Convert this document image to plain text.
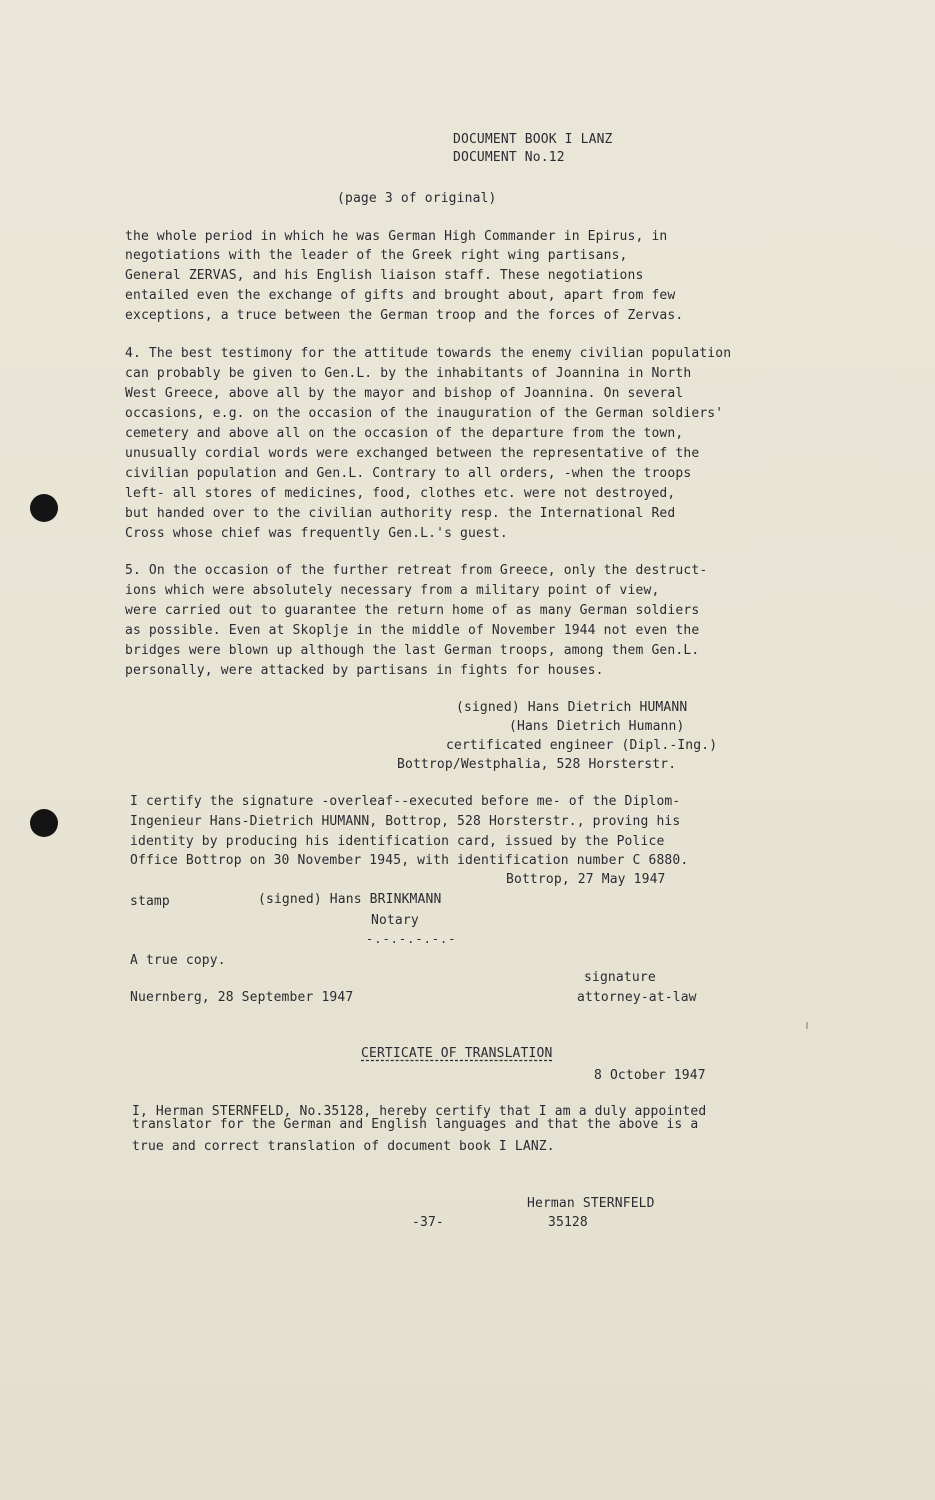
DOCUMENT BOOK I LANZ
DOCUMENT No.12
(page 3 of original)
the whole period in which he was German High Commander in Epirus, in
negotiations with the leader of the Greek right wing partisans,
General ZERVAS, and his English liaison staff. These negotiations
entailed even the exchange of gifts and brought about, apart from few
exceptions, a truce between the German troop and the forces of Zervas.
4. The best testimony for the attitude towards the enemy civilian population
can probably be given to Gen.L. by the inhabitants of Joannina in North
West Greece, above all by the mayor and bishop of Joannina. On several
occasions, e.g. on the occasion of the inauguration of the German soldiers'
cemetery and above all on the occasion of the departure from the town,
unusually cordial words were exchanged between the representative of the
civilian population and Gen.L. Contrary to all orders, -when the troops
left- all stores of medicines, food, clothes etc. were not destroyed,
but handed over to the civilian authority resp. the International Red
Cross whose chief was frequently Gen.L.'s guest.
5. On the occasion of the further retreat from Greece, only the destruct-
ions which were absolutely necessary from a military point of view,
were carried out to guarantee the return home of as many German soldiers
as possible. Even at Skoplje in the middle of November 1944 not even the
bridges were blown up although the last German troops, among them Gen.L.
personally, were attacked by partisans in fights for houses.
(signed) Hans Dietrich HUMANN
(Hans Dietrich Humann)
certificated engineer (Dipl.-Ing.)
Bottrop/Westphalia, 528 Horsterstr.
I certify the signature -overleaf--executed before me- of the Diplom-
Ingenieur Hans-Dietrich HUMANN, Bottrop, 528 Horsterstr., proving his
identity by producing his identification card, issued by the Police
Office Bottrop on 30 November 1945, with identification number C 6880.
Bottrop, 27 May 1947
stamp	(signed) Hans BRINKMANN
Notary
-.-.-.-.-.-
A true copy.
signature
Nuernberg, 28 September 1947	attorney-at-law
CERTICATE OF TRANSLATION
8 October 1947
I, Herman STERNFELD, No.35128, hereby certify that I am a duly appointed
translator for the German and English languages and that the above is a
true and correct translation of document book I LANZ.
Herman STERNFELD
-37-	35128
